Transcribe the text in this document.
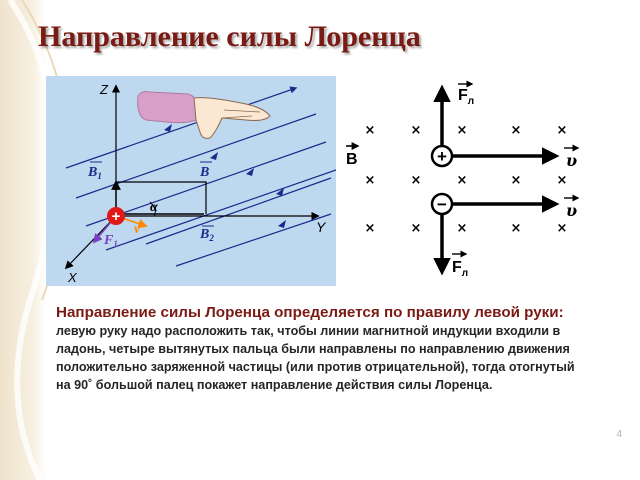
Направление силы Лоренца
Z
Y
X
$B_1$	B
$B_2$
α
v
$F_1$
+
×	×	×	×	×
×	×	×	×	×
×	×	×	×	×
B
$F_л$
$F_л$
υ
υ
+
−

Направление силы Лоренца определяется по правилу левой руки: левую руку надо расположить так, чтобы линии магнитной индукции входили в ладонь, четыре вытянутых пальца были направлены по направлению движения положительно заряженной частицы (или против отрицательной), тогда отогнутый на 90˚ большой палец покажет направление действия силы Лоренца.

4
